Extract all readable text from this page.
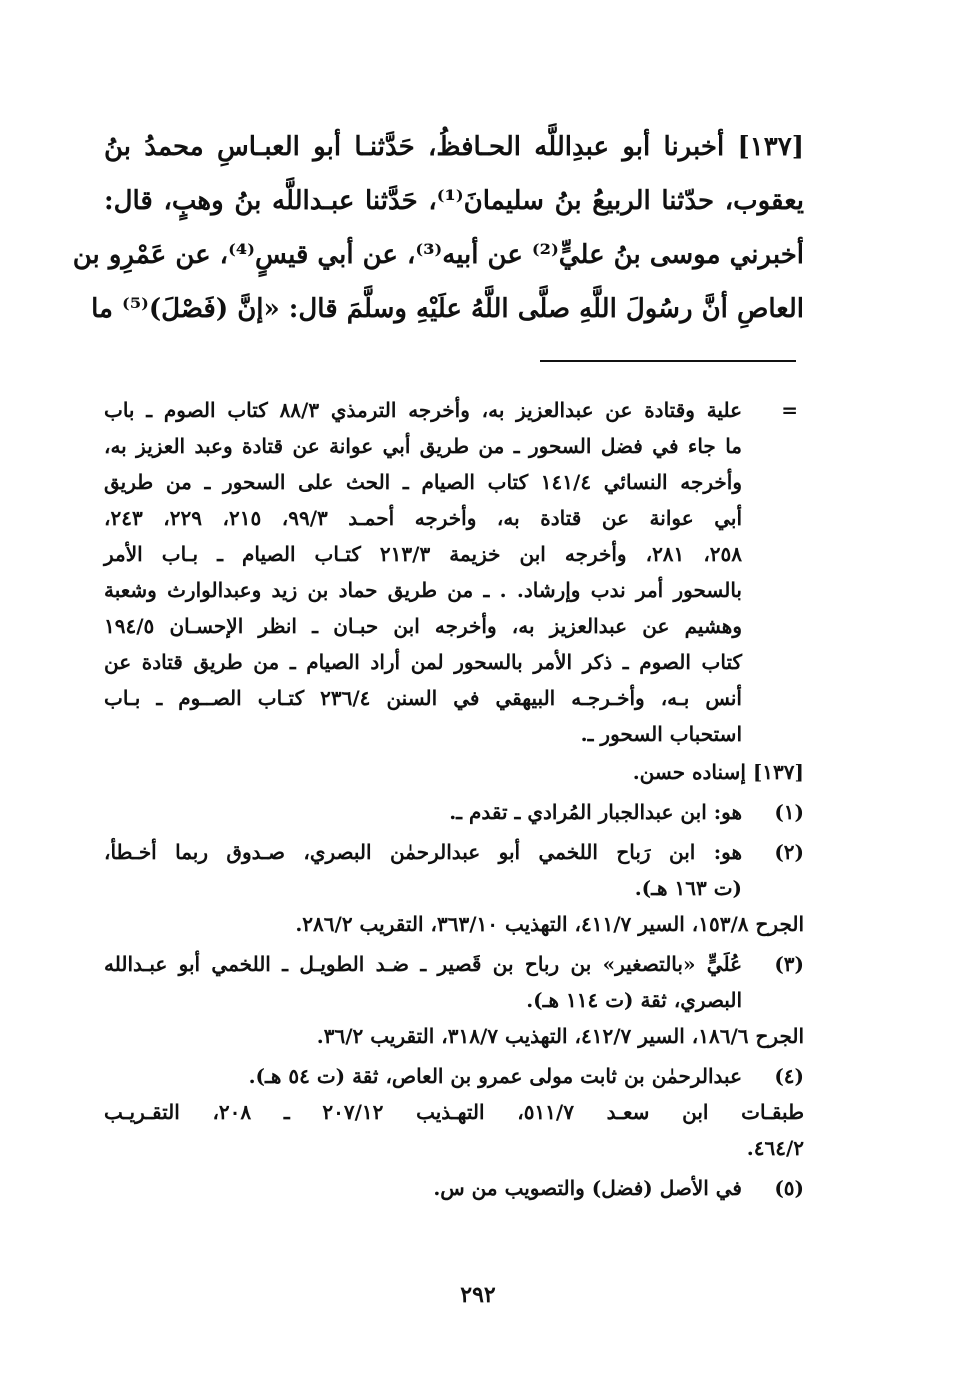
[١٣٧] أخبرنا أبو عبدِاللَّه الحـافظُ، حَدَّثنـا أبو العبـاسِ محمدُ بنُ
يعقوب، حدّثنا الربيعُ بنُ سليمانَ⁽¹⁾، حَدَّثنا عبـداللَّه بنُ وهبٍ، قال:
أخبرني موسى بنُ عليٍّ⁽²⁾ عن أبيه⁽³⁾، عن أبي قيسٍ⁽⁴⁾، عن عَمْرِو بن
العاصِ أنَّ رسُولَ اللَّهِ صلَّى اللَّهُ علَيْهِ وسلَّمَ قال: «إنَّ (فَصْلَ)⁽⁵⁾ ما
=
علية وقتادة عن عبدالعزيز به، وأخرجه الترمذي ٨٨/٣ كتاب الصوم ـ باب
ما جاء في فضل السحور ـ من طريق أبي عوانة عن قتادة وعبد العزيز به،
وأخرجه النسائي ١٤١/٤ كتاب الصيام ـ الحث على السحور ـ من طريق
أبي عوانة عن قتادة به، وأخرجه أحمـد ٩٩/٣، ٢١٥، ٢٢٩، ٢٤٣،
٢٥٨، ٢٨١، وأخرجه ابن خزيمة ٢١٣/٣ كتـاب الصيام ـ بـاب الأمر
بالسحور أمر ندب وإرشاد. . ـ من طريق حماد بن زيد وعبدالوارث وشعبة
وهشيم عن عبدالعزيز به، وأخرجه ابن حبـان ـ انظر الإحسـان ١٩٤/٥
كتاب الصوم ـ ذكر الأمر بالسحور لمن أراد الصيام ـ من طريق قتادة عن
أنس بـه، وأخـرجـه البيهقي في السنن ٢٣٦/٤ كتـاب الصــوم ـ بـاب
استحباب السحور ـ.
[١٣٧] إسناده حسن.
(١)
هو: ابن عبدالجبار المُرادي ـ تقدم ـ.
(٢)
هو: ابن رَباح اللخمي أبو عبدالرحمٰن البصري، صـدوق ربما أخـطأ،
(ت ١٦٣ هـ).
الجرح ١٥٣/٨، السير ٤١١/٧، التهذيب ٣٦٣/١٠، التقريب ٢٨٦/٢.
(٣)
عُلَيٍّ «بالتصغير» بن رباح بن قَصير ـ ضـد الطويـل ـ اللخمي أبو عبـدالله
البصري، ثقة (ت ١١٤ هـ).
الجرح ١٨٦/٦، السير ٤١٢/٧، التهذيب ٣١٨/٧، التقريب ٣٦/٢.
(٤)
عبدالرحمٰن بن ثابت مولى عمرو بن العاص، ثقة (ت ٥٤ هـ).
طبقـات ابن سعـد ٥١١/٧، التهـذيب ٢٠٧/١٢ ـ ٢٠٨، التقـريـب
٤٦٤/٢.
(٥)
في الأصل (فضل) والتصويب من س.
٢٩٢
